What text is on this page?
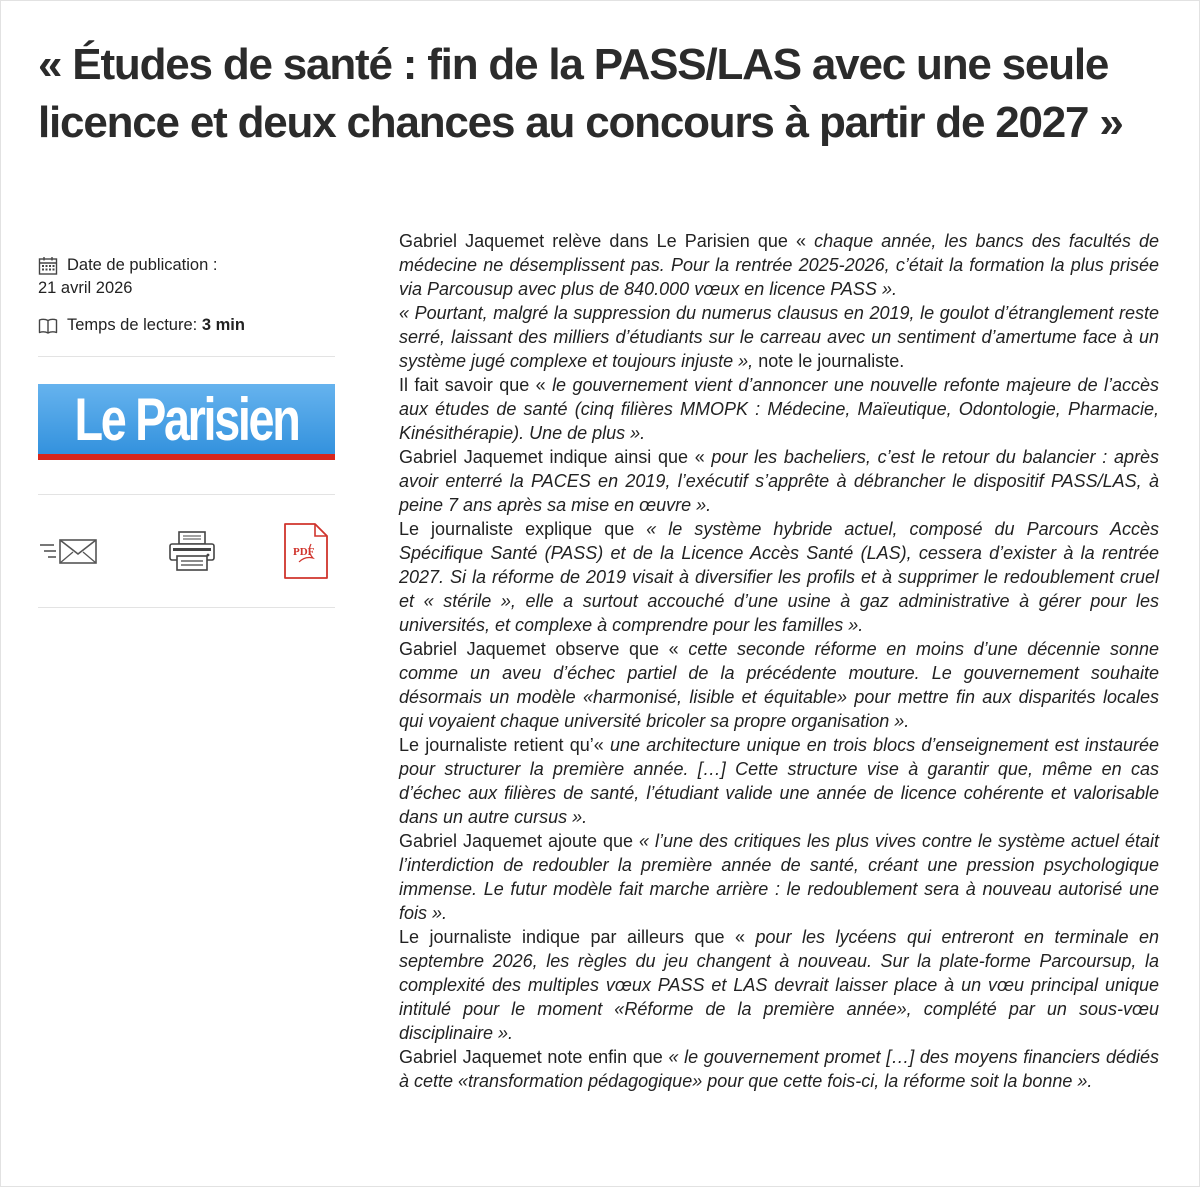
« Études de santé : fin de la PASS/LAS avec une seule licence et deux chances au concours à partir de 2027 »
Date de publication :
21 avril 2026
Temps de lecture: 3 min
Le Parisien
PDF

Gabriel Jaquemet relève dans Le Parisien que « chaque année, les bancs des facultés de médecine ne désemplissent pas. Pour la rentrée 2025-2026, c’était la formation la plus prisée via Parcousup avec plus de 840.000 vœux en licence PASS ».

« Pourtant, malgré la suppression du numerus clausus en 2019, le goulot d’étranglement reste serré, laissant des milliers d’étudiants sur le carreau avec un sentiment d’amertume face à un système jugé complexe et toujours injuste », note le journaliste.

Il fait savoir que « le gouvernement vient d’annoncer une nouvelle refonte majeure de l’accès aux études de santé (cinq filières MMOPK : Médecine, Maïeutique, Odontologie, Pharmacie, Kinésithérapie). Une de plus ».

Gabriel Jaquemet indique ainsi que « pour les bacheliers, c’est le retour du balancier : après avoir enterré la PACES en 2019, l’exécutif s’apprête à débrancher le dispositif PASS/LAS, à peine 7 ans après sa mise en œuvre ».

Le journaliste explique que « le système hybride actuel, composé du Parcours Accès Spécifique Santé (PASS) et de la Licence Accès Santé (LAS), cessera d’exister à la rentrée 2027. Si la réforme de 2019 visait à diversifier les profils et à supprimer le redoublement cruel et « stérile », elle a surtout accouché d’une usine à gaz administrative à gérer pour les universités, et complexe à comprendre pour les familles ».

Gabriel Jaquemet observe que « cette seconde réforme en moins d’une décennie sonne comme un aveu d’échec partiel de la précédente mouture. Le gouvernement souhaite désormais un modèle «harmonisé, lisible et équitable» pour mettre fin aux disparités locales qui voyaient chaque université bricoler sa propre organisation ».

Le journaliste retient qu’« une architecture unique en trois blocs d’enseignement est instaurée pour structurer la première année. […] Cette structure vise à garantir que, même en cas d’échec aux filières de santé, l’étudiant valide une année de licence cohérente et valorisable dans un autre cursus ».

Gabriel Jaquemet ajoute que « l’une des critiques les plus vives contre le système actuel était l’interdiction de redoubler la première année de santé, créant une pression psychologique immense. Le futur modèle fait marche arrière : le redoublement sera à nouveau autorisé une fois ».

Le journaliste indique par ailleurs que « pour les lycéens qui entreront en terminale en septembre 2026, les règles du jeu changent à nouveau. Sur la plate-forme Parcoursup, la complexité des multiples vœux PASS et LAS devrait laisser place à un vœu principal unique intitulé pour le moment «Réforme de la première année», complété par un sous-vœu disciplinaire ».

Gabriel Jaquemet note enfin que « le gouvernement promet […] des moyens financiers dédiés à cette «transformation pédagogique» pour que cette fois-ci, la réforme soit la bonne ».
